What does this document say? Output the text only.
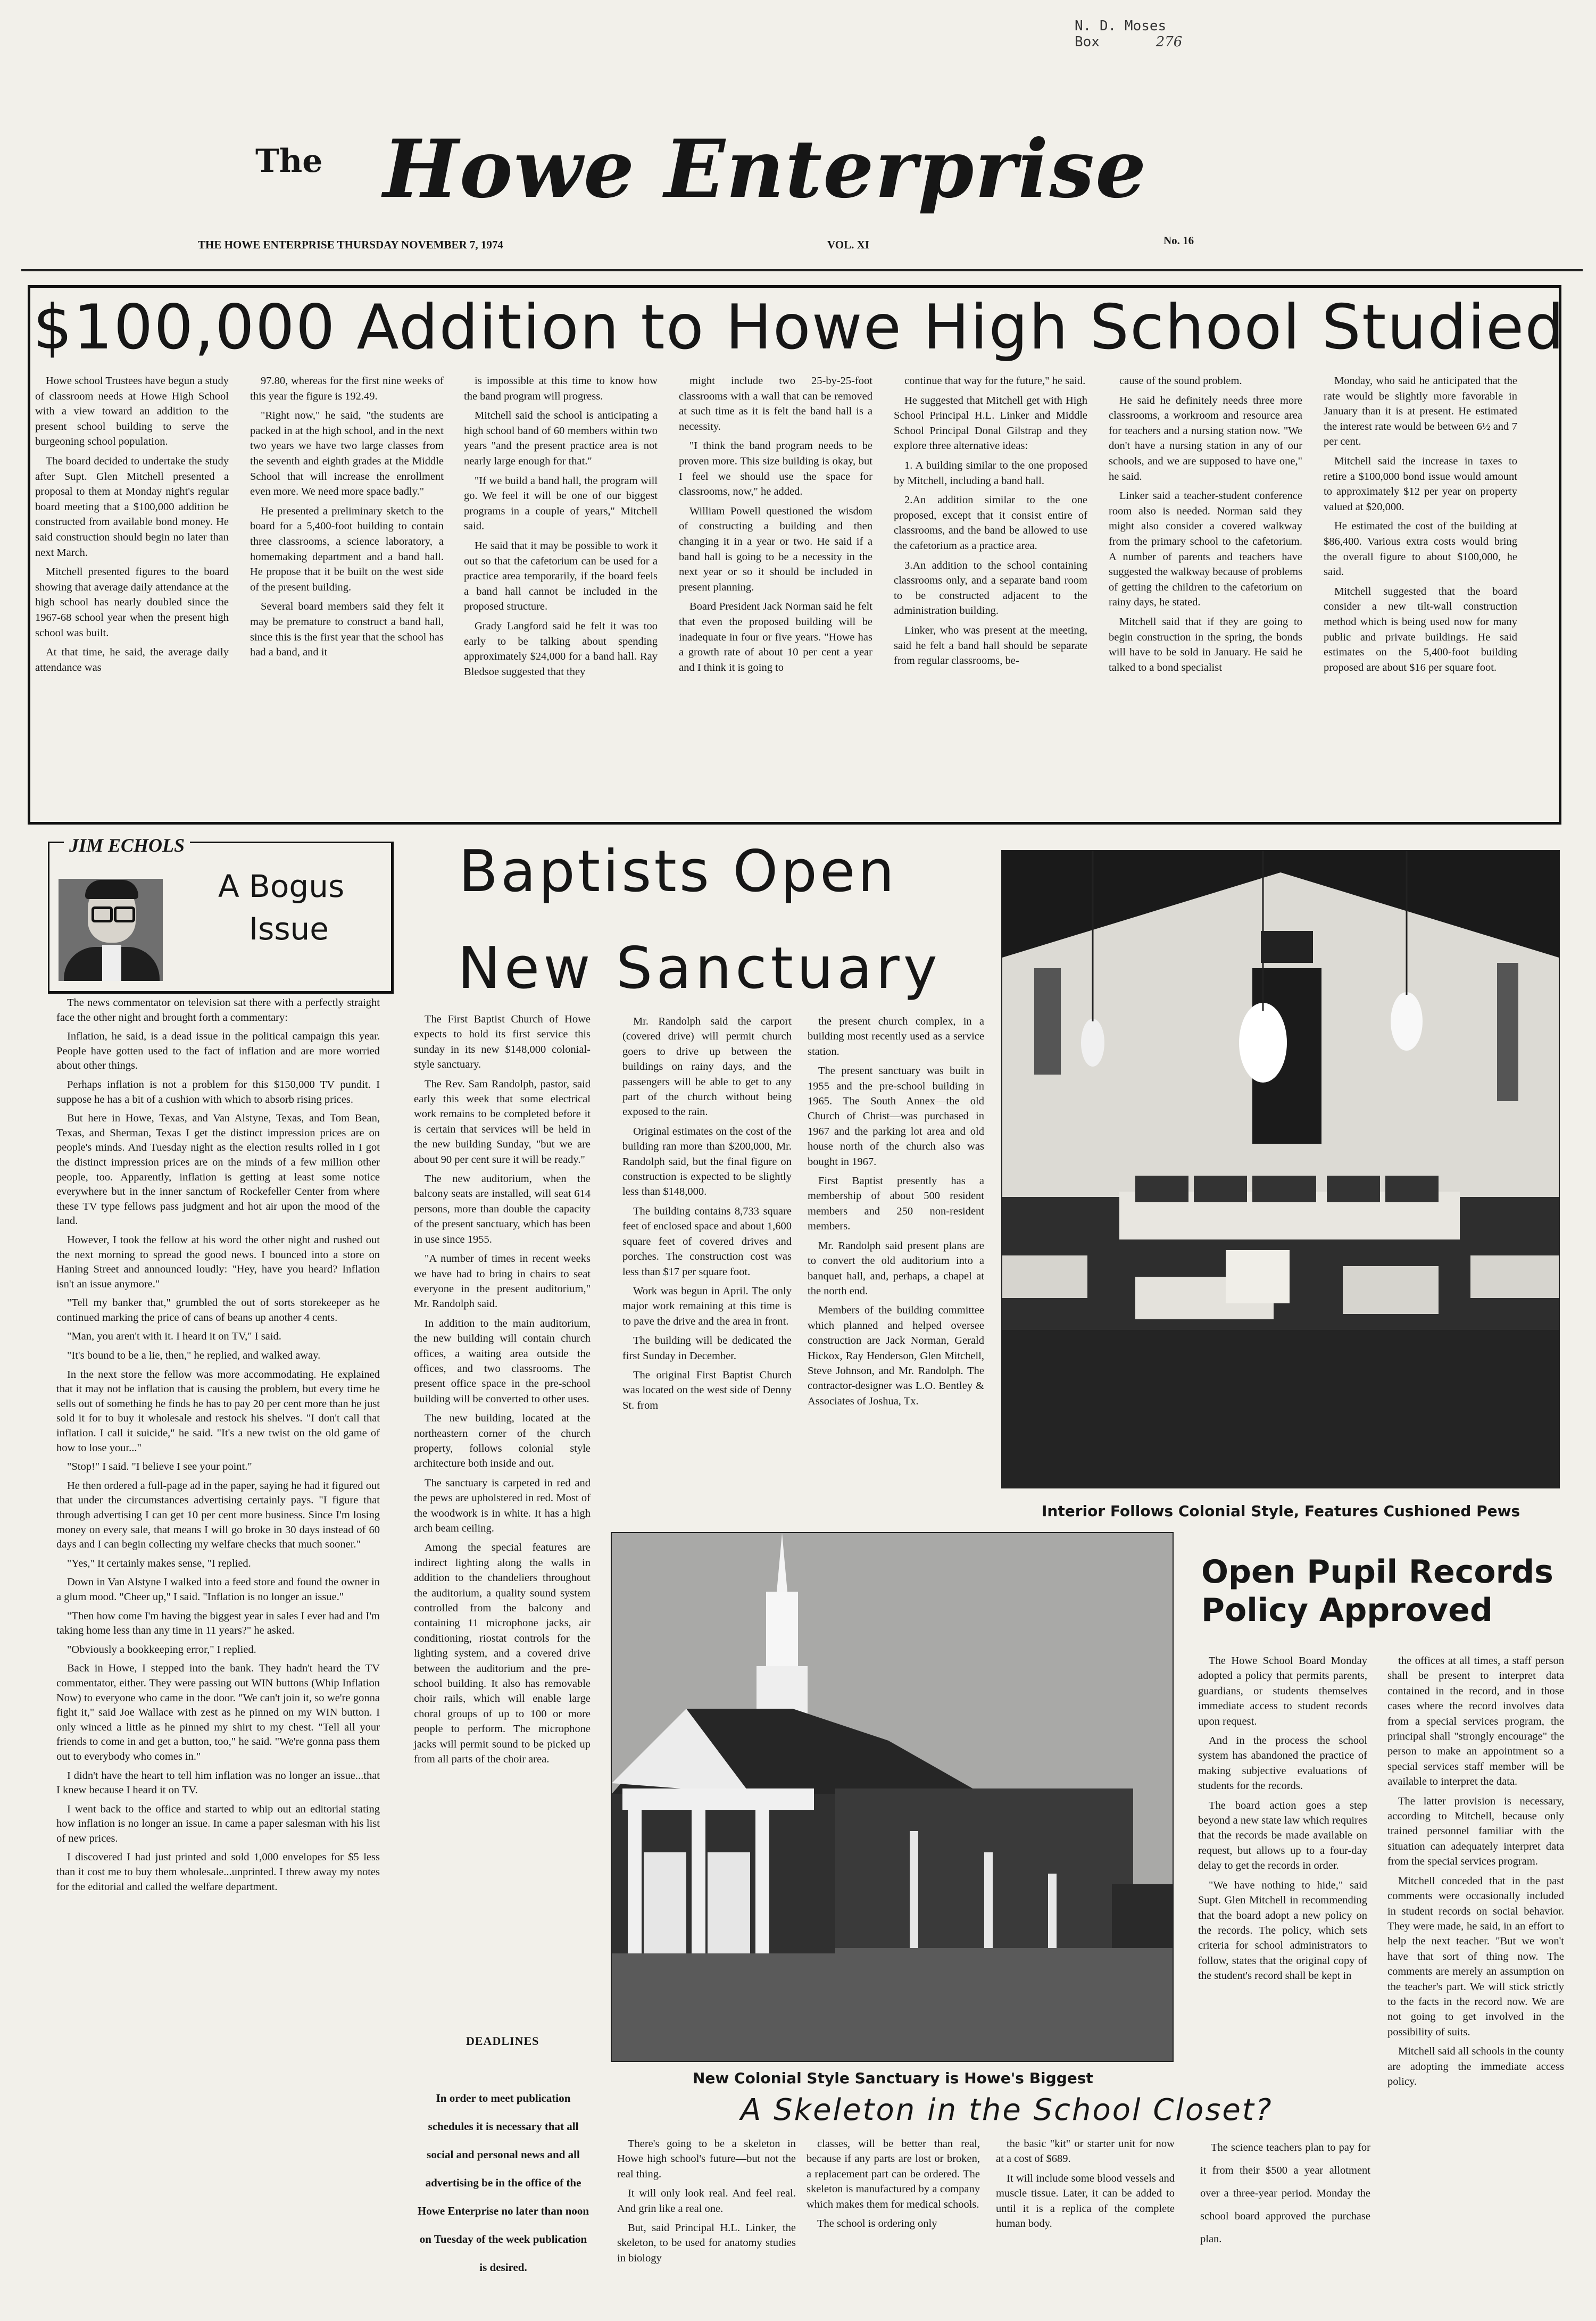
N. D. Moses
Box	276
The Howe Enterprise
THE HOWE ENTERPRISE THURSDAY NOVEMBER 7, 1974	VOL. XI	No. 16
$100,000 Addition to Howe High School Studied

Howe school Trustees have begun a study of classroom needs at Howe High School with a view toward an addition to the present school building to serve the burgeoning school population.

The board decided to undertake the study after Supt. Glen Mitchell presented a proposal to them at Monday night's regular board meeting that a $100,000 addition be constructed from available bond money. He said construction should begin no later than next March.

Mitchell presented figures to the board showing that average daily attendance at the high school has nearly doubled since the 1967-68 school year when the present high school was built.

At that time, he said, the average daily attendance was

97.80, whereas for the first nine weeks of this year the figure is 192.49.

"Right now," he said, "the students are packed in at the high school, and in the next two years we have two large classes from the seventh and eighth grades at the Middle School that will increase the enrollment even more. We need more space badly."

He presented a preliminary sketch to the board for a 5,400-foot building to contain three classrooms, a science laboratory, a homemaking department and a band hall. He propose that it be built on the west side of the present building.

Several board members said they felt it may be premature to construct a band hall, since this is the first year that the school has had a band, and it

is impossible at this time to know how the band program will progress.

Mitchell said the school is anticipating a high school band of 60 members within two years "and the present practice area is not nearly large enough for that."

"If we build a band hall, the program will go. We feel it will be one of our biggest programs in a couple of years," Mitchell said.

He said that it may be possible to work it out so that the cafetorium can be used for a practice area temporarily, if the board feels a band hall cannot be included in the proposed structure.

Grady Langford said he felt it was too early to be talking about spending approximately $24,000 for a band hall. Ray Bledsoe suggested that they

might include two 25-by-25-foot classrooms with a wall that can be removed at such time as it is felt the band hall is a necessity.

"I think the band program needs to be proven more. This size building is okay, but I feel we should use the space for classrooms, now," he added.

William Powell questioned the wisdom of constructing a building and then changing it in a year or two. He said if a band hall is going to be a necessity in the next year or so it should be included in present planning.

Board President Jack Norman said he felt that even the proposed building will be inadequate in four or five years. "Howe has a growth rate of about 10 per cent a year and I think it is going to

continue that way for the future," he said.

He suggested that Mitchell get with High School Principal H.L. Linker and Middle School Principal Donal Gilstrap and they explore three alternative ideas:

1. A building similar to the one proposed by Mitchell, including a band hall.

2.An addition similar to the one proposed, except that it consist entire of classrooms, and the band be allowed to use the cafetorium as a practice area.

3.An addition to the school containing classrooms only, and a separate band room to be constructed adjacent to the administration building.

Linker, who was present at the meeting, said he felt a band hall should be separate from regular classrooms, be-

cause of the sound problem.

He said he definitely needs three more classrooms, a workroom and resource area for teachers and a nursing station now. "We don't have a nursing station in any of our schools, and we are supposed to have one," he said.

Linker said a teacher-student conference room also is needed. Norman said they might also consider a covered walkway from the primary school to the cafetorium. A number of parents and teachers have suggested the walkway because of problems of getting the children to the cafetorium on rainy days, he stated.

Mitchell said that if they are going to begin construction in the spring, the bonds will have to be sold in January. He said he talked to a bond specialist

Monday, who said he anticipated that the rate would be slightly more favorable in January than it is at present. He estimated the interest rate would be between 6½ and 7 per cent.

Mitchell said the increase in taxes to retire a $100,000 bond issue would amount to approximately $12 per year on property valued at $20,000.

He estimated the cost of the building at $86,400. Various extra costs would bring the overall figure to about $100,000, he said.

Mitchell suggested that the board consider a new tilt-wall construction method which is being used now for many public and private buildings. He said estimates on the 5,400-foot building proposed are about $16 per square foot.

JIM ECHOLS
A Bogus
Issue

The news commentator on television sat there with a perfectly straight face the other night and brought forth a commentary:

Inflation, he said, is a dead issue in the political campaign this year. People have gotten used to the fact of inflation and are more worried about other things.

Perhaps inflation is not a problem for this $150,000 TV pundit. I suppose he has a bit of a cushion with which to absorb rising prices.

But here in Howe, Texas, and Van Alstyne, Texas, and Tom Bean, Texas, and Sherman, Texas I get the distinct impression prices are on people's minds. And Tuesday night as the election results rolled in I got the distinct impression prices are on the minds of a few million other people, too. Apparently, inflation is getting at least some notice everywhere but in the inner sanctum of Rockefeller Center from where these TV type fellows pass judgment and hot air upon the mood of the land.

However, I took the fellow at his word the other night and rushed out the next morning to spread the good news. I bounced into a store on Haning Street and announced loudly: "Hey, have you heard? Inflation isn't an issue anymore."

"Tell my banker that," grumbled the out of sorts storekeeper as he continued marking the price of cans of beans up another 4 cents.

"Man, you aren't with it. I heard it on TV," I said.

"It's bound to be a lie, then," he replied, and walked away.

In the next store the fellow was more accommodating. He explained that it may not be inflation that is causing the problem, but every time he sells out of something he finds he has to pay 20 per cent more than he just sold it for to buy it wholesale and restock his shelves. "I don't call that inflation. I call it suicide," he said. "It's a new twist on the old game of how to lose your..."

"Stop!" I said. "I believe I see your point."

He then ordered a full-page ad in the paper, saying he had it figured out that under the circumstances advertising certainly pays. "I figure that through advertising I can get 10 per cent more business. Since I'm losing money on every sale, that means I will go broke in 30 days instead of 60 days and I can begin collecting my welfare checks that much sooner."

"Yes," It certainly makes sense, "I replied.

Down in Van Alstyne I walked into a feed store and found the owner in a glum mood. "Cheer up," I said. "Inflation is no longer an issue."

"Then how come I'm having the biggest year in sales I ever had and I'm taking home less than any time in 11 years?" he asked.

"Obviously a bookkeeping error," I replied.

Back in Howe, I stepped into the bank. They hadn't heard the TV commentator, either. They were passing out WIN buttons (Whip Inflation Now) to everyone who came in the door. "We can't join it, so we're gonna fight it," said Joe Wallace with zest as he pinned on my WIN button. I only winced a little as he pinned my shirt to my chest. "Tell all your friends to come in and get a button, too," he said. "We're gonna pass them out to everybody who comes in."

I didn't have the heart to tell him inflation was no longer an issue...that I knew because I heard it on TV.

I went back to the office and started to whip out an editorial stating how inflation is no longer an issue. In came a paper salesman with his list of new prices.

I discovered I had just printed and sold 1,000 envelopes for $5 less than it cost me to buy them wholesale...unprinted. I threw away my notes for the editorial and called the welfare department.

Baptists Open
New Sanctuary

The First Baptist Church of Howe expects to hold its first service this sunday in its new $148,000 colonial-style sanctuary.

The Rev. Sam Randolph, pastor, said early this week that some electrical work remains to be completed before it is certain that services will be held in the new building Sunday, "but we are about 90 per cent sure it will be ready."

The new auditorium, when the balcony seats are installed, will seat 614 persons, more than double the capacity of the present sanctuary, which has been in use since 1955.

"A number of times in recent weeks we have had to bring in chairs to seat everyone in the present auditorium," Mr. Randolph said.

In addition to the main auditorium, the new building will contain church offices, a waiting area outside the offices, and two classrooms. The present office space in the pre-school building will be converted to other uses.

The new building, located at the northeastern corner of the church property, follows colonial style architecture both inside and out.

The sanctuary is carpeted in red and the pews are upholstered in red. Most of the woodwork is in white. It has a high arch beam ceiling.

Among the special features are indirect lighting along the walls in addition to the chandeliers throughout the auditorium, a quality sound system controlled from the balcony and containing 11 microphone jacks, air conditioning, riostat controls for the lighting system, and a covered drive between the auditorium and the pre-school building. It also has removable choir rails, which will enable large choral groups of up to 100 or more people to perform. The microphone jacks will permit sound to be picked up from all parts of the choir area.

Mr. Randolph said the carport (covered drive) will permit church goers to drive up between the buildings on rainy days, and the passengers will be able to get to any part of the church without being exposed to the rain.

Original estimates on the cost of the building ran more than $200,000, Mr. Randolph said, but the final figure on construction is expected to be slightly less than $148,000.

The building contains 8,733 square feet of enclosed space and about 1,600 square feet of covered drives and porches. The construction cost was less than $17 per square foot.

Work was begun in April. The only major work remaining at this time is to pave the drive and the area in front.

The building will be dedicated the first Sunday in December.

The original First Baptist Church was located on the west side of Denny St. from

the present church complex, in a building most recently used as a service station.

The present sanctuary was built in 1955 and the pre-school building in 1965. The South Annex—the old Church of Christ—was purchased in 1967 and the parking lot area and old house north of the church also was bought in 1967.

First Baptist presently has a membership of about 500 resident members and 250 non-resident members.

Mr. Randolph said present plans are to convert the old auditorium into a banquet hall, and, perhaps, a chapel at the north end.

Members of the building committee which planned and helped oversee construction are Jack Norman, Gerald Hickox, Ray Henderson, Glen Mitchell, Steve Johnson, and Mr. Randolph. The contractor-designer was L.O. Bentley & Associates of Joshua, Tx.

Interior Follows Colonial Style, Features Cushioned Pews
New Colonial Style Sanctuary is Howe's Biggest
DEADLINES
In order to meet publication schedules it is necessary that all social and personal news and all advertising be in the office of the Howe Enterprise no later than noon on Tuesday of the week publication is desired.
Open Pupil Records
Policy Approved

The Howe School Board Monday adopted a policy that permits parents, guardians, or students themselves immediate access to student records upon request.

And in the process the school system has abandoned the practice of making subjective evaluations of students for the records.

The board action goes a step beyond a new state law which requires that the records be made available on request, but allows up to a four-day delay to get the records in order.

"We have nothing to hide," said Supt. Glen Mitchell in recommending that the board adopt a new policy on the records. The policy, which sets criteria for school administrators to follow, states that the original copy of the student's record shall be kept in

the offices at all times, a staff person shall be present to interpret data contained in the record, and in those cases where the record involves data from a special services program, the principal shall "strongly encourage" the person to make an appointment so a special services staff member will be available to interpret the data.

The latter provision is necessary, according to Mitchell, because only trained personnel familiar with the situation can adequately interpret data from the special services program.

Mitchell conceded that in the past comments were occasionally included in student records on social behavior. They were made, he said, in an effort to help the next teacher. "But we won't have that sort of thing now. The comments are merely an assumption on the teacher's part. We will stick strictly to the facts in the record now. We are not going to get involved in the possibility of suits.

Mitchell said all schools in the county are adopting the immediate access policy.

A Skeleton in the School Closet?

There's going to be a skeleton in Howe high school's future—but not the real thing.

It will only look real. And feel real. And grin like a real one.

But, said Principal H.L. Linker, the skeleton, to be used for anatomy studies in biology

classes, will be better than real, because if any parts are lost or broken, a replacement part can be ordered. The skeleton is manufactured by a company which makes them for medical schools.

The school is ordering only

the basic "kit" or starter unit for now at a cost of $689.

It will include some blood vessels and muscle tissue. Later, it can be added to until it is a replica of the complete human body.

The science teachers plan to pay for it from their $500 a year allotment over a three-year period. Monday the school board approved the purchase plan.
